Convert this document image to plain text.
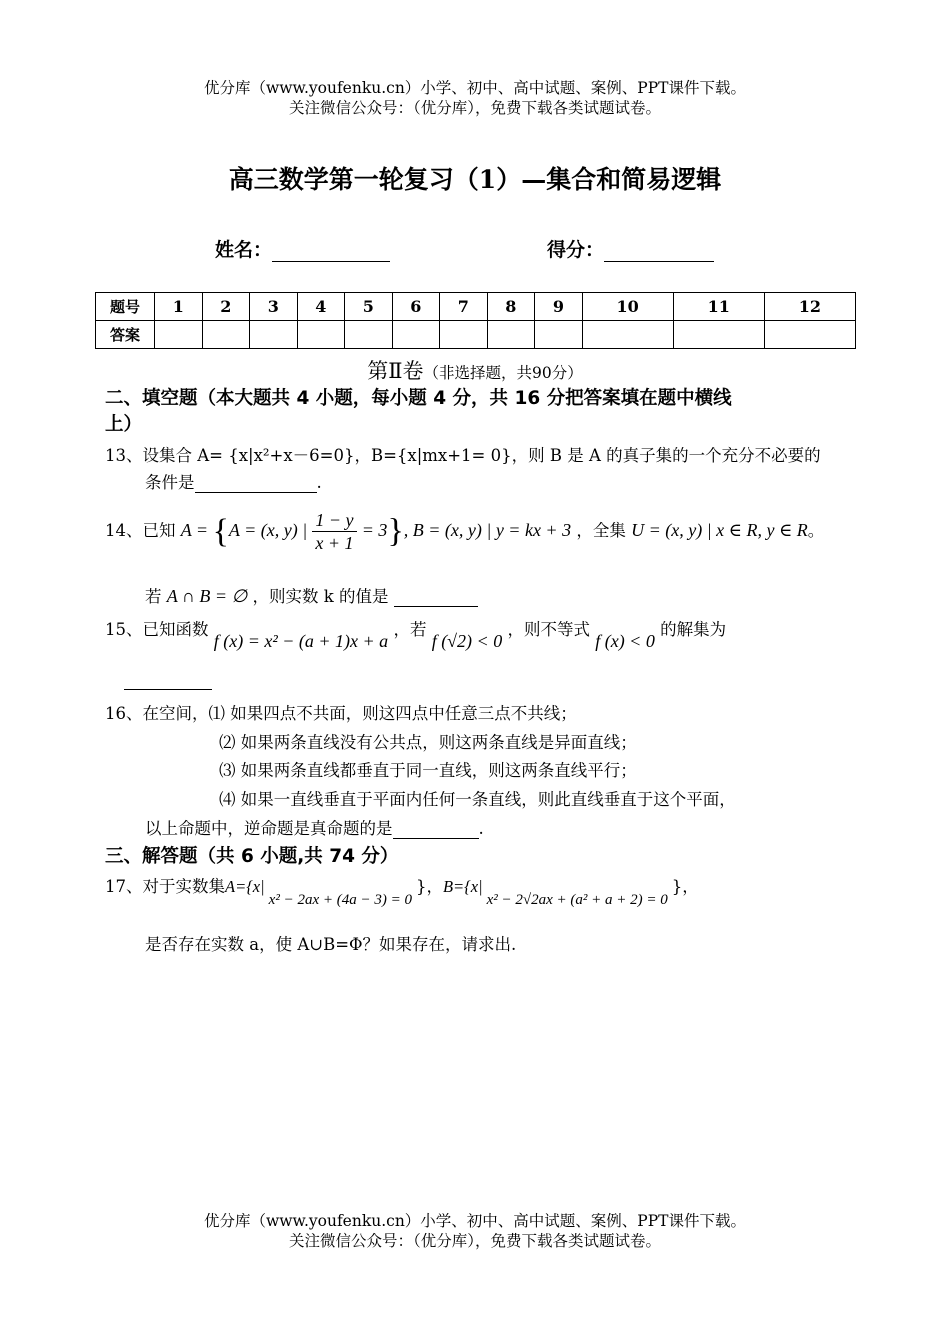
优分库（www.youfenku.cn）小学、初中、高中试题、案例、PPT课件下载。
关注微信公众号：（优分库），免费下载各类试题试卷。
高三数学第一轮复习（1）—集合和简易逻辑
姓名：	得分：
题号	1	2	3	4	5	6	7	8	9	10	11	12
答案												
第Ⅱ卷（非选择题，共90分）
二、填空题（本大题共 4 小题，每小题 4 分，共 16 分把答案填在题中横线
上）
13、设集合 A= {x|x²+x－6=0}，B={x|mx+1= 0}，则 B 是 A 的真子集的一个充分不必要的
条件是	.
14、已知 A = {A = (x, y) | $\frac{1 - y}{x + 1} = 3$}, B = (x, y) | y = kx + 3 ，全集 U = (x, y) | x ∈ R, y ∈ R。
若 A ∩ B = ∅ ，则实数 k 的值是
15、已知函数 f (x) = x² − (a + 1)x + a ，若 f (√2) < 0 ，则不等式 f (x) < 0 的解集为
16、在空间，⑴ 如果四点不共面，则这四点中任意三点不共线；
⑵ 如果两条直线没有公共点，则这两条直线是异面直线；
⑶ 如果两条直线都垂直于同一直线，则这两条直线平行；
⑷ 如果一直线垂直于平面内任何一条直线，则此直线垂直于这个平面，
以上命题中，逆命题是真命题的是	.
三、解答题（共 6 小题,共 74 分）
17、对于实数集A={x|x² − 2ax + (4a − 3) = 0}，B={x|x² − 2√2ax + (a² + a + 2) = 0}，
是否存在实数 a，使 A∪B=Φ？如果存在，请求出.
优分库（www.youfenku.cn）小学、初中、高中试题、案例、PPT课件下载。
关注微信公众号：（优分库），免费下载各类试题试卷。
